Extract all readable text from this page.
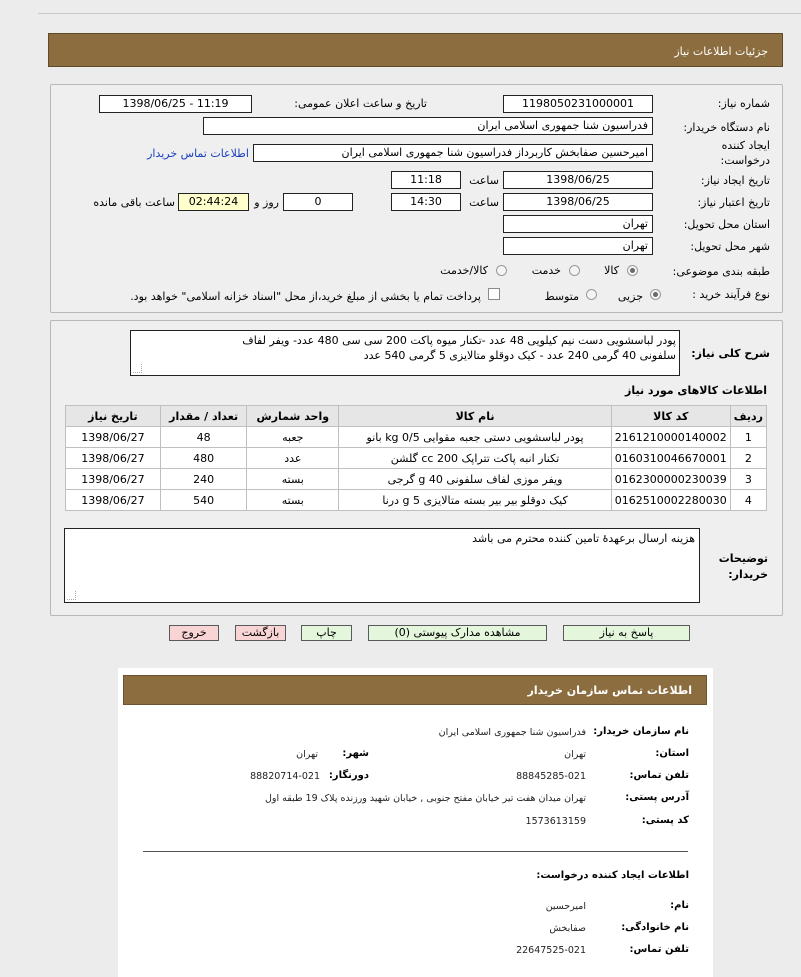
جزئیات اطلاعات نیاز
شماره نیاز:
1198050231000001
تاریخ و ساعت اعلان عمومی:
1398/06/25 - 11:19
نام دستگاه خریدار:
فدراسیون شنا جمهوری اسلامی ایران
ایجاد کننده
درخواست:
امیرحسین صفابخش کاربرداز فدراسیون شنا جمهوری اسلامی ایران
اطلاعات تماس خریدار
تاریخ ایجاد نیاز:
1398/06/25
ساعت
11:18
تاریخ اعتبار نیاز:
1398/06/25
ساعت
14:30
0
روز و
02:44:24
ساعت باقی مانده
استان محل تحویل:
تهران
شهر محل تحویل:
تهران
طبقه بندی موضوعی:
کالا
خدمت
کالا/خدمت
نوع فرآیند خرید :
جزیی
متوسط
پرداخت تمام یا بخشی از مبلغ خرید،از محل "اسناد خزانه اسلامی" خواهد بود.
شرح کلی نیاز:
پودر لباسشویی دست نیم کیلویی 48 عدد -تکنار میوه پاکت 200 سی سی 480 عدد- ویفر لفاف
سلفونی 40 گرمی 240 عدد - کیک دوقلو متالایزی 5 گرمی 540 عدد
اطلاعات کالاهای مورد نیاز
ردیف	کد کالا	نام کالا	واحد شمارش	تعداد / مقدار	تاریخ نیاز
1	2161210000140002	پودر لباسشویی دستی جعبه مقوایی 0/5 kg بانو	جعبه	48	1398/06/27
2	0160310046670001	تکنار انبه پاکت تتراپک 200 cc گلشن	عدد	480	1398/06/27
3	0162300000230039	ویفر موزی لفاف سلفونی 40 g گرجی	بسته	240	1398/06/27
4	0162510002280030	کیک دوقلو بیر بیر بسته متالایزی 5 g درنا	بسته	540	1398/06/27
توضیحات
خریدار:
هزینه ارسال برعهدۀ تامین کننده محترم می باشد
پاسخ به نیاز
مشاهده مدارک پیوستی (0)
چاپ
بازگشت
خروج
اطلاعات تماس سازمان خریدار
نام سازمان خریدار:
فدراسیون شنا جمهوری اسلامی ایران
استان:
تهران
شهر:
تهران
تلفن تماس:
88845285-021
دورنگار:
88820714-021
آدرس پستی:
تهران میدان هفت تیر خیابان مفتح جنوبی , خیابان شهید ورزنده پلاک 19 طبقه اول
کد پستی:
1573613159
اطلاعات ایجاد کننده درخواست:
نام:
امیرحسین
نام خانوادگی:
صفابخش
تلفن تماس:
22647525-021
